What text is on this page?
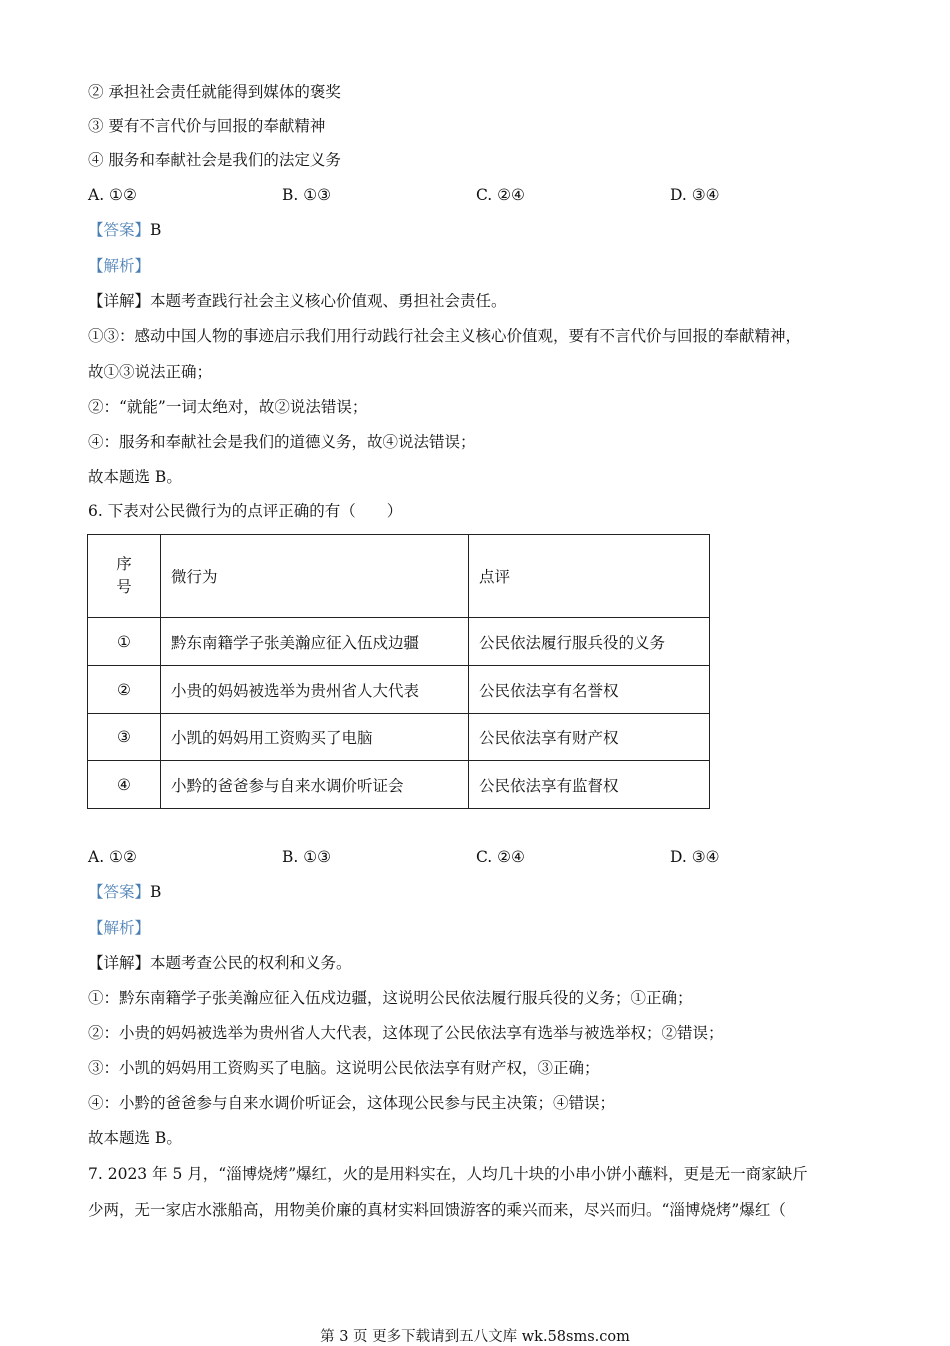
② 承担社会责任就能得到媒体的褒奖
③ 要有不言代价与回报的奉献精神
④ 服务和奉献社会是我们的法定义务
A. ①②	B. ①③	C. ②④	D. ③④
【答案】B
【解析】
【详解】本题考查践行社会主义核心价值观、勇担社会责任。
①③：感动中国人物的事迹启示我们用行动践行社会主义核心价值观，要有不言代价与回报的奉献精神，
故①③说法正确；
②：“就能”一词太绝对，故②说法错误；
④：服务和奉献社会是我们的道德义务，故④说法错误；
故本题选 B。
6. 下表对公民微行为的点评正确的有（　　）
序号	微行为	点评
①	黔东南籍学子张美瀚应征入伍戍边疆	公民依法履行服兵役的义务
②	小贵的妈妈被选举为贵州省人大代表	公民依法享有名誉权
③	小凯的妈妈用工资购买了电脑	公民依法享有财产权
④	小黔的爸爸参与自来水调价听证会	公民依法享有监督权
A. ①②	B. ①③	C. ②④	D. ③④
【答案】B
【解析】
【详解】本题考查公民的权利和义务。
①：黔东南籍学子张美瀚应征入伍戍边疆，这说明公民依法履行服兵役的义务；①正确；
②：小贵的妈妈被选举为贵州省人大代表，这体现了公民依法享有选举与被选举权；②错误；
③：小凯的妈妈用工资购买了电脑。这说明公民依法享有财产权，③正确；
④：小黔的爸爸参与自来水调价听证会，这体现公民参与民主决策；④错误；
故本题选 B。
7. 2023 年 5 月，“淄博烧烤”爆红，火的是用料实在，人均几十块的小串小饼小蘸料，更是无一商家缺斤
少两，无一家店水涨船高，用物美价廉的真材实料回馈游客的乘兴而来，尽兴而归。“淄博烧烤”爆红（
第 3 页 更多下载请到五八文库 wk.58sms.com
